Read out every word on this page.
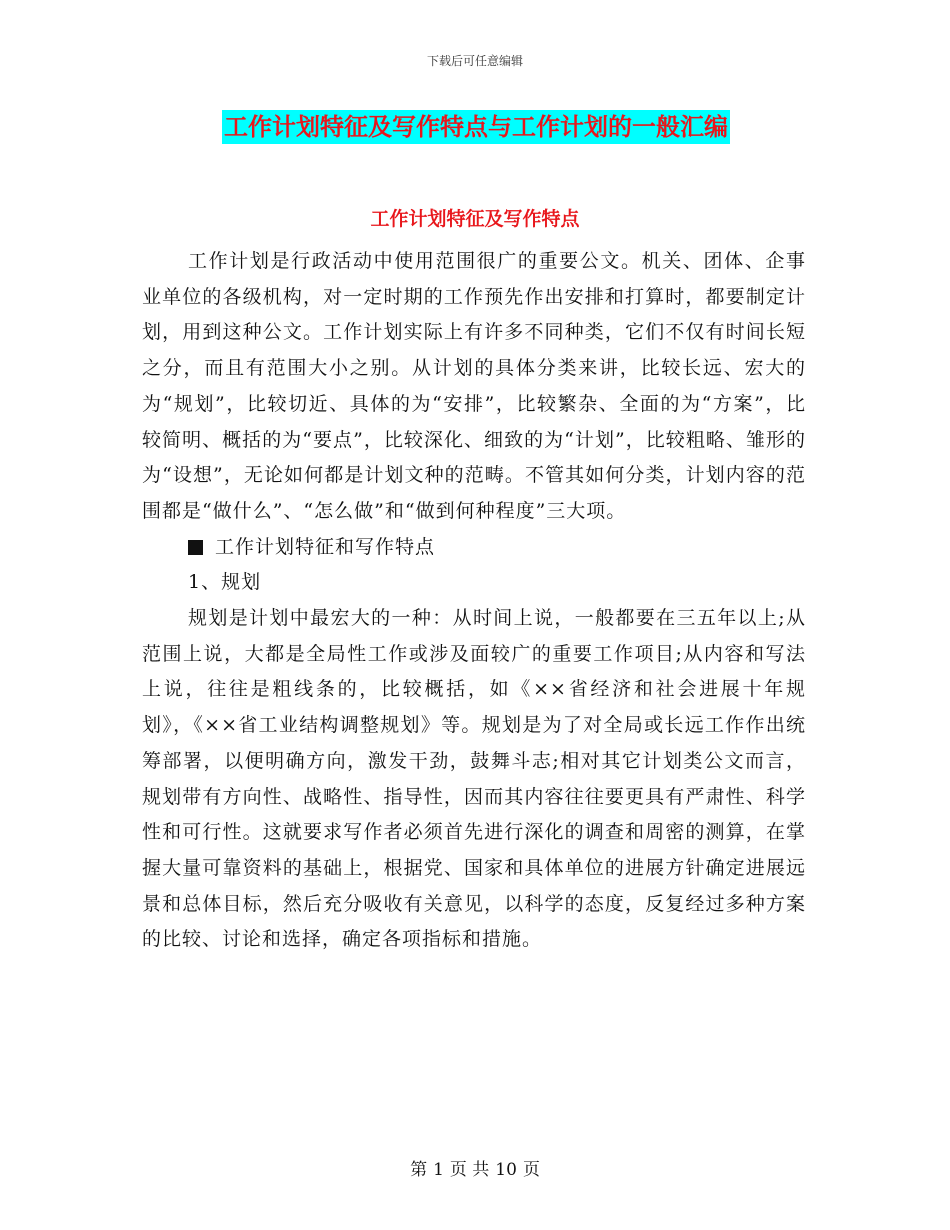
下载后可任意编辑
工作计划特征及写作特点与工作计划的一般汇编
工作计划特征及写作特点

工作计划是行政活动中使用范围很广的重要公文。机关、团体、企事业单位的各级机构，对一定时期的工作预先作出安排和打算时，都要制定计划，用到这种公文。工作计划实际上有许多不同种类，它们不仅有时间长短之分，而且有范围大小之别。从计划的具体分类来讲，比较长远、宏大的为“规划”，比较切近、具体的为“安排”，比较繁杂、全面的为“方案”，比较简明、概括的为“要点”，比较深化、细致的为“计划”，比较粗略、雏形的为“设想”，无论如何都是计划文种的范畴。不管其如何分类，计划内容的范围都是“做什么”、“怎么做”和“做到何种程度”三大项。

工作计划特征和写作特点
1、规划

规划是计划中最宏大的一种：从时间上说，一般都要在三五年以上;从范围上说，大都是全局性工作或涉及面较广的重要工作项目;从内容和写法上说，往往是粗线条的，比较概括，如《××省经济和社会进展十年规划》，《××省工业结构调整规划》等。规划是为了对全局或长远工作作出统筹部署，以便明确方向，激发干劲，鼓舞斗志;相对其它计划类公文而言，规划带有方向性、战略性、指导性，因而其内容往往要更具有严肃性、科学性和可行性。这就要求写作者必须首先进行深化的调查和周密的测算，在掌握大量可靠资料的基础上，根据党、国家和具体单位的进展方针确定进展远景和总体目标，然后充分吸收有关意见，以科学的态度，反复经过多种方案的比较、讨论和选择，确定各项指标和措施。

第 1 页 共 10 页
